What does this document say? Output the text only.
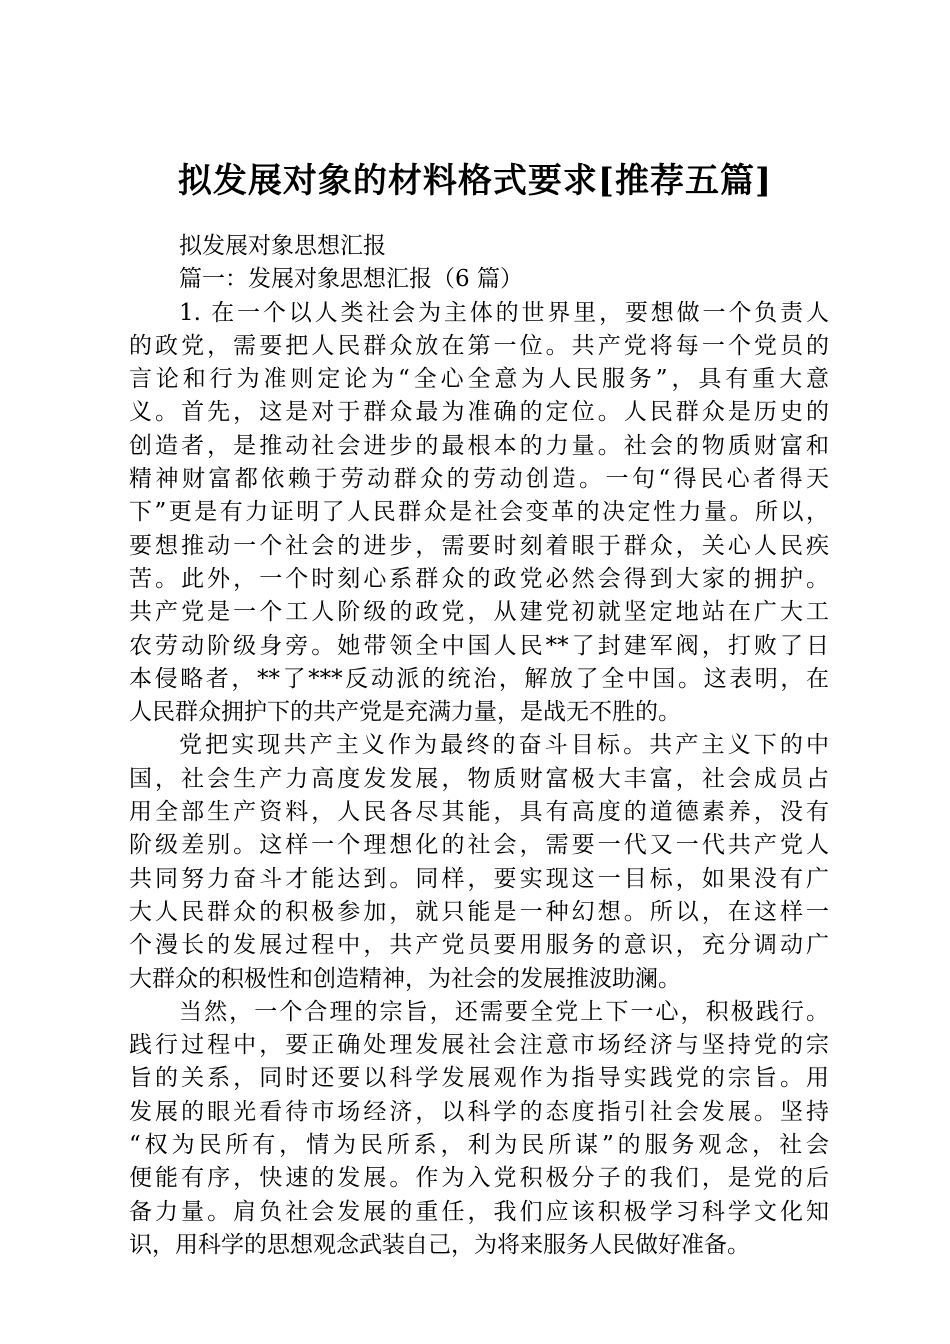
拟发展对象的材料格式要求[推荐五篇]
拟发展对象思想汇报
篇一：发展对象思想汇报（6 篇）
1. 在一个以人类社会为主体的世界里，要想做一个负责人
的政党，需要把人民群众放在第一位。共产党将每一个党员的
言论和行为准则定论为“全心全意为人民服务”，具有重大意
义。首先，这是对于群众最为准确的定位。人民群众是历史的
创造者，是推动社会进步的最根本的力量。社会的物质财富和
精神财富都依赖于劳动群众的劳动创造。一句“得民心者得天
下”更是有力证明了人民群众是社会变革的决定性力量。所以，
要想推动一个社会的进步，需要时刻着眼于群众，关心人民疾
苦。此外，一个时刻心系群众的政党必然会得到大家的拥护。
共产党是一个工人阶级的政党，从建党初就坚定地站在广大工
农劳动阶级身旁。她带领全中国人民**了封建军阀，打败了日
本侵略者，**了***反动派的统治，解放了全中国。这表明，在
人民群众拥护下的共产党是充满力量，是战无不胜的。
党把实现共产主义作为最终的奋斗目标。共产主义下的中
国，社会生产力高度发发展，物质财富极大丰富，社会成员占
用全部生产资料，人民各尽其能，具有高度的道德素养，没有
阶级差别。这样一个理想化的社会，需要一代又一代共产党人
共同努力奋斗才能达到。同样，要实现这一目标，如果没有广
大人民群众的积极参加，就只能是一种幻想。所以，在这样一
个漫长的发展过程中，共产党员要用服务的意识，充分调动广
大群众的积极性和创造精神，为社会的发展推波助澜。
当然，一个合理的宗旨，还需要全党上下一心，积极践行。
践行过程中，要正确处理发展社会注意市场经济与坚持党的宗
旨的关系，同时还要以科学发展观作为指导实践党的宗旨。用
发展的眼光看待市场经济，以科学的态度指引社会发展。坚持
“权为民所有，情为民所系，利为民所谋”的服务观念，社会
便能有序，快速的发展。作为入党积极分子的我们，是党的后
备力量。肩负社会发展的重任，我们应该积极学习科学文化知
识，用科学的思想观念武装自己，为将来服务人民做好准备。
